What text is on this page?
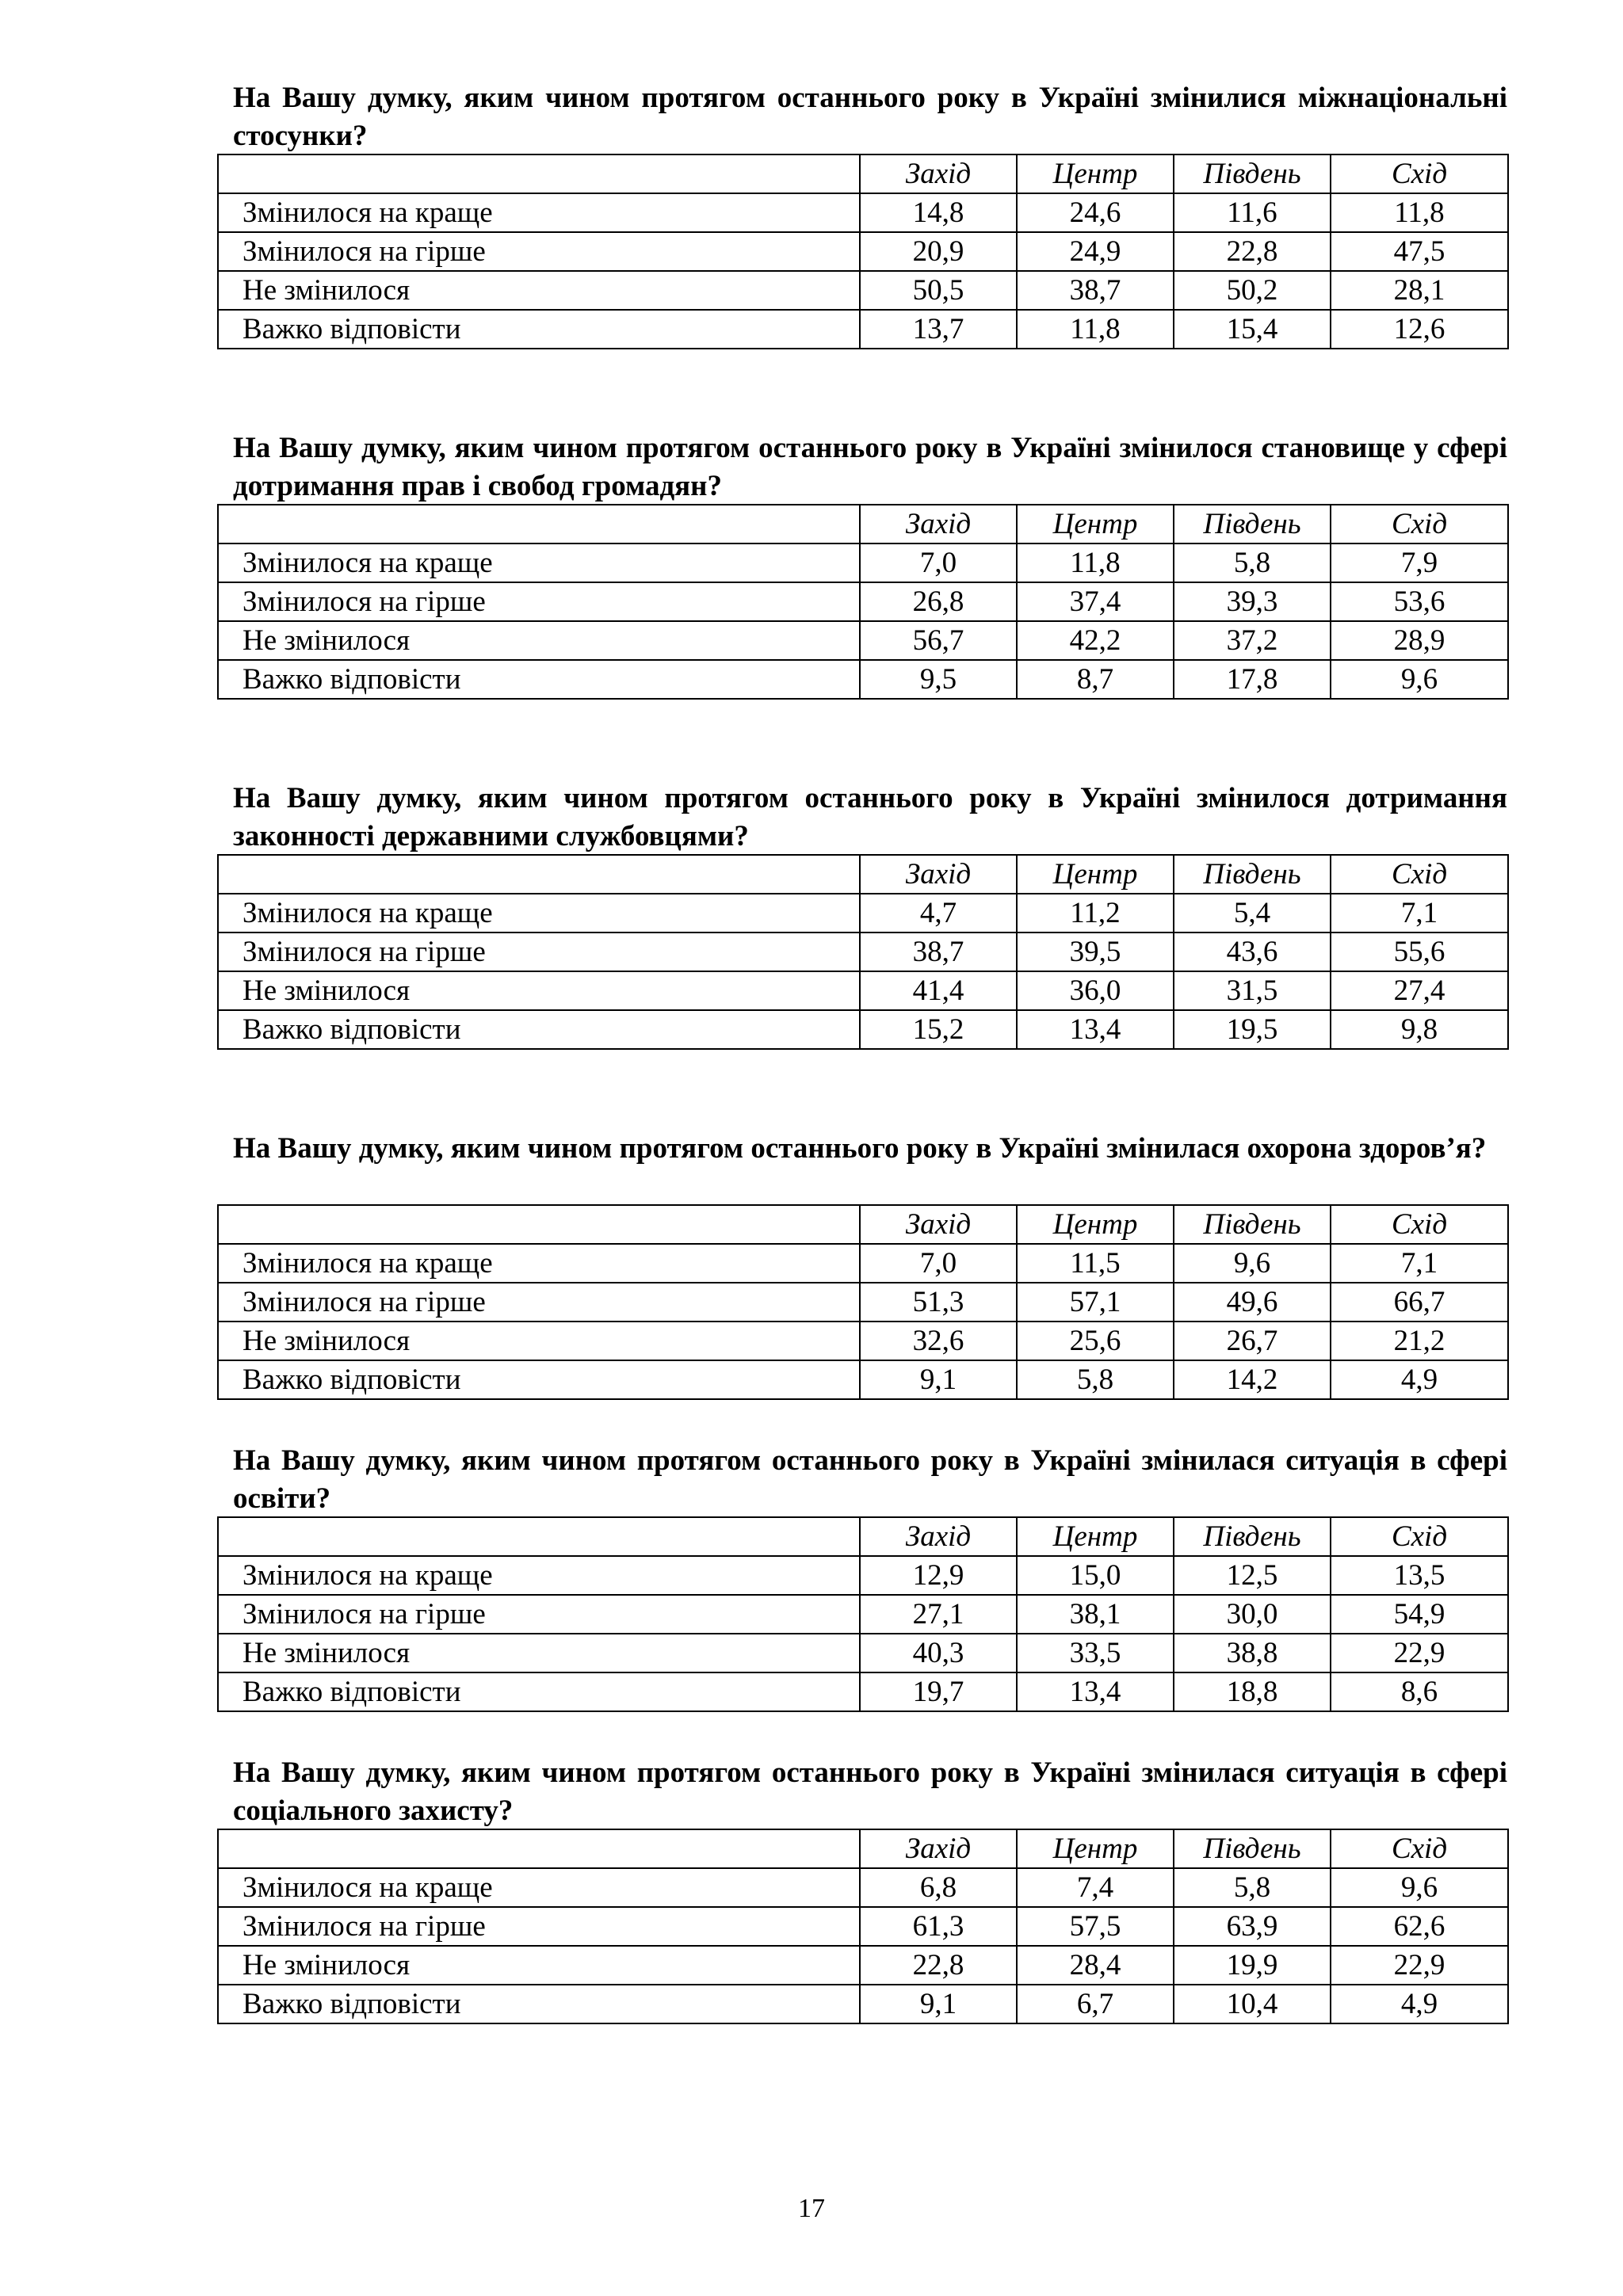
На Вашу думку, яким чином протягом останнього року в Україні змінилися міжнаціональні стосунки?

	Захід	Центр	Південь	Схід
Змінилося на краще	14,8	24,6	11,6	11,8
Змінилося на гірше	20,9	24,9	22,8	47,5
Не змінилося	50,5	38,7	50,2	28,1
Важко відповісти	13,7	11,8	15,4	12,6

На Вашу думку, яким чином протягом останнього року в Україні змінилося становище у сфері дотримання прав і свобод громадян?

	Захід	Центр	Південь	Схід
Змінилося на краще	7,0	11,8	5,8	7,9
Змінилося на гірше	26,8	37,4	39,3	53,6
Не змінилося	56,7	42,2	37,2	28,9
Важко відповісти	9,5	8,7	17,8	9,6

На Вашу думку, яким чином протягом останнього року в Україні змінилося дотримання законності державними службовцями?

	Захід	Центр	Південь	Схід
Змінилося на краще	4,7	11,2	5,4	7,1
Змінилося на гірше	38,7	39,5	43,6	55,6
Не змінилося	41,4	36,0	31,5	27,4
Важко відповісти	15,2	13,4	19,5	9,8

На Вашу думку, яким чином протягом останнього року в Україні змінилася охорона здоров’я?

	Захід	Центр	Південь	Схід
Змінилося на краще	7,0	11,5	9,6	7,1
Змінилося на гірше	51,3	57,1	49,6	66,7
Не змінилося	32,6	25,6	26,7	21,2
Важко відповісти	9,1	5,8	14,2	4,9

На Вашу думку, яким чином протягом останнього року в Україні змінилася ситуація в сфері освіти?

	Захід	Центр	Південь	Схід
Змінилося на краще	12,9	15,0	12,5	13,5
Змінилося на гірше	27,1	38,1	30,0	54,9
Не змінилося	40,3	33,5	38,8	22,9
Важко відповісти	19,7	13,4	18,8	8,6

На Вашу думку, яким чином протягом останнього року в Україні змінилася ситуація в сфері соціального захисту?

	Захід	Центр	Південь	Схід
Змінилося на краще	6,8	7,4	5,8	9,6
Змінилося на гірше	61,3	57,5	63,9	62,6
Не змінилося	22,8	28,4	19,9	22,9
Важко відповісти	9,1	6,7	10,4	4,9
17
